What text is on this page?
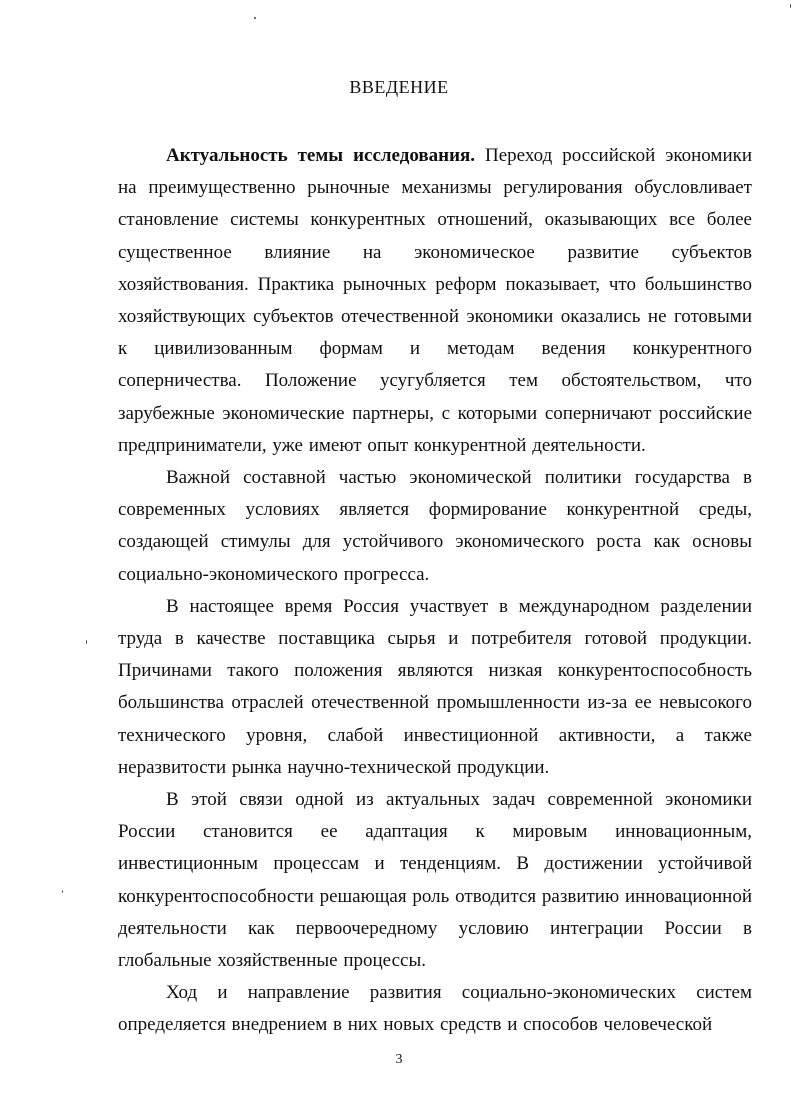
ВВЕДЕНИЕ

Актуальность темы исследования. Переход российской экономики на преимущественно рыночные механизмы регулирования обусловливает становление системы конкурентных отношений, оказывающих все более существенное влияние на экономическое развитие субъектов хозяйствования. Практика рыночных реформ показывает, что большинство хозяйствующих субъектов отечественной экономики оказались не готовыми к цивилизованным формам и методам ведения конкурентного соперничества. Положение усугубляется тем обстоятельством, что зарубежные экономические партнеры, с которыми соперничают российские предприниматели, уже имеют опыт конкурентной деятельности.

Важной составной частью экономической политики государства в современных условиях является формирование конкурентной среды, создающей стимулы для устойчивого экономического роста как основы социально-экономического прогресса.

В настоящее время Россия участвует в международном разделении труда в качестве поставщика сырья и потребителя готовой продукции. Причинами такого положения являются низкая конкурентоспособность большинства отраслей отечественной промышленности из-за ее невысокого технического уровня, слабой инвестиционной активности, а также неразвитости рынка научно-технической продукции.

В этой связи одной из актуальных задач современной экономики России становится ее адаптация к мировым инновационным, инвестиционным процессам и тенденциям. В достижении устойчивой конкурентоспособности решающая роль отводится развитию инновационной деятельности как первоочередному условию интеграции России в глобальные хозяйственные процессы.

Ход и направление развития социально-экономических систем определяется внедрением в них новых средств и способов человеческой

3
